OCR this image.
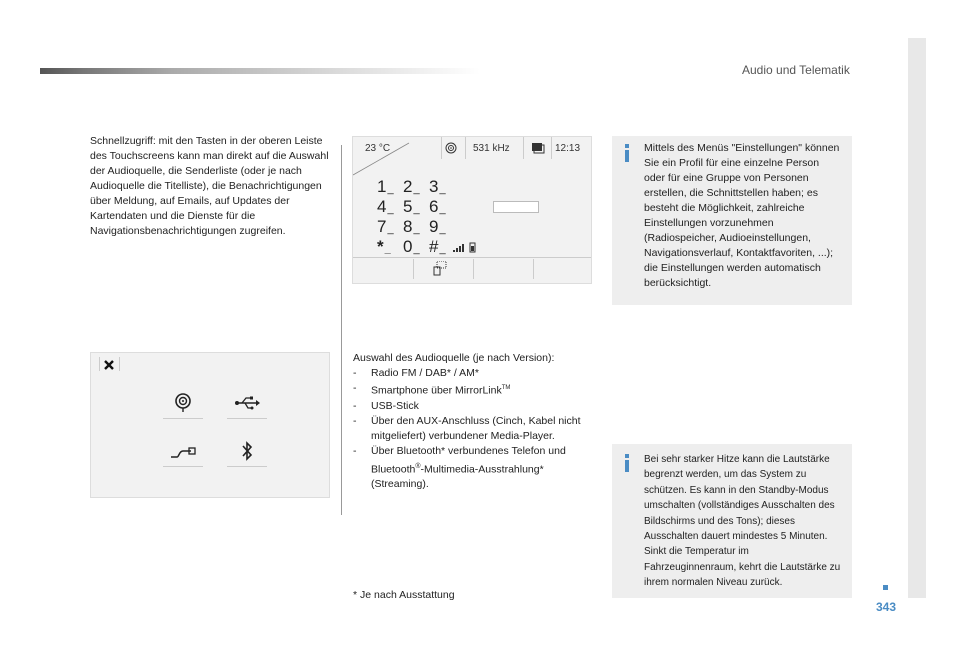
Audio und Telematik
343
Schnellzugriff: mit den Tasten in der oberen Leiste des Touchscreens kann man direkt auf die Auswahl der Audioquelle, die Senderliste (oder je nach Audioquelle die Titelliste), die Benachrichtigungen über Meldung, auf Emails, auf Updates der Kartendaten und die Dienste für die Navigationsbenachrichtigungen zugreifen.
23 °C	531 kHz	12:13
1 _ 2 _ 3 _
4 _ 5 _ 6 _
7 _ 8 _ 9 _
* _	0 _ # _
Auswahl des Audioquelle (je nach Version):
- Radio FM / DAB* / AM*
- Smartphone über MirrorLink™
- USB-Stick
- Über den AUX-Anschluss (Cinch, Kabel nicht mitgeliefert) verbundener Media-Player.
- Über Bluetooth* verbundenes Telefon und Bluetooth®-Multimedia-Ausstrahlung* (Streaming).
Mittels des Menüs "Einstellungen" können Sie ein Profil für eine einzelne Person oder für eine Gruppe von Personen erstellen, die Schnittstellen haben; es besteht die Möglichkeit, zahlreiche Einstellungen vorzunehmen (Radiospeicher, Audioeinstellungen, Navigationsverlauf, Kontaktfavoriten, ...); die Einstellungen werden automatisch berücksichtigt.
Bei sehr starker Hitze kann die Lautstärke begrenzt werden, um das System zu schützen. Es kann in den Standby-Modus umschalten (vollständiges Ausschalten des Bildschirms und des Tons); dieses Ausschalten dauert mindestes 5 Minuten. Sinkt die Temperatur im Fahrzeuginnenraum, kehrt die Lautstärke zu ihrem normalen Niveau zurück.
* Je nach Ausstattung
